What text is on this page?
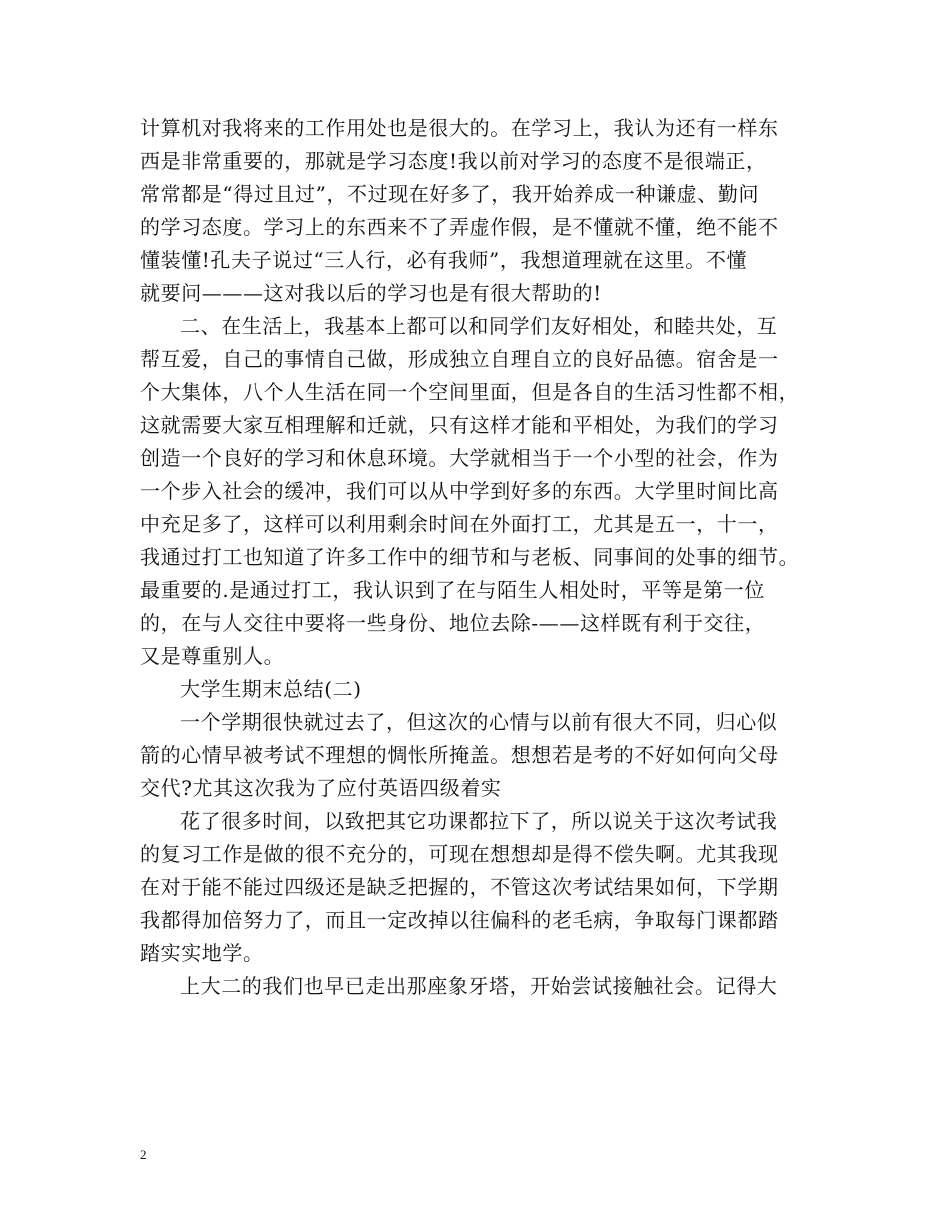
计算机对我将来的工作用处也是很大的。在学习上，我认为还有一样东
西是非常重要的，那就是学习态度!我以前对学习的态度不是很端正，
常常都是“得过且过”，不过现在好多了，我开始养成一种谦虚、勤问
的学习态度。学习上的东西来不了弄虚作假，是不懂就不懂，绝不能不
懂装懂!孔夫子说过“三人行，必有我师”，我想道理就在这里。不懂
就要问———这对我以后的学习也是有很大帮助的!
二、在生活上，我基本上都可以和同学们友好相处，和睦共处，互
帮互爱，自己的事情自己做，形成独立自理自立的良好品德。宿舍是一
个大集体，八个人生活在同一个空间里面，但是各自的生活习性都不相，
这就需要大家互相理解和迁就，只有这样才能和平相处，为我们的学习
创造一个良好的学习和休息环境。大学就相当于一个小型的社会，作为
一个步入社会的缓冲，我们可以从中学到好多的东西。大学里时间比高
中充足多了，这样可以利用剩余时间在外面打工，尤其是五一，十一，
我通过打工也知道了许多工作中的细节和与老板、同事间的处事的细节。
最重要的.是通过打工，我认识到了在与陌生人相处时，平等是第一位
的，在与人交往中要将一些身份、地位去除-——这样既有利于交往，
又是尊重别人。
大学生期末总结(二)
一个学期很快就过去了，但这次的心情与以前有很大不同，归心似
箭的心情早被考试不理想的惆怅所掩盖。想想若是考的不好如何向父母
交代?尤其这次我为了应付英语四级着实
花了很多时间，以致把其它功课都拉下了，所以说关于这次考试我
的复习工作是做的很不充分的，可现在想想却是得不偿失啊。尤其我现
在对于能不能过四级还是缺乏把握的，不管这次考试结果如何，下学期
我都得加倍努力了，而且一定改掉以往偏科的老毛病，争取每门课都踏
踏实实地学。
上大二的我们也早已走出那座象牙塔，开始尝试接触社会。记得大
2
